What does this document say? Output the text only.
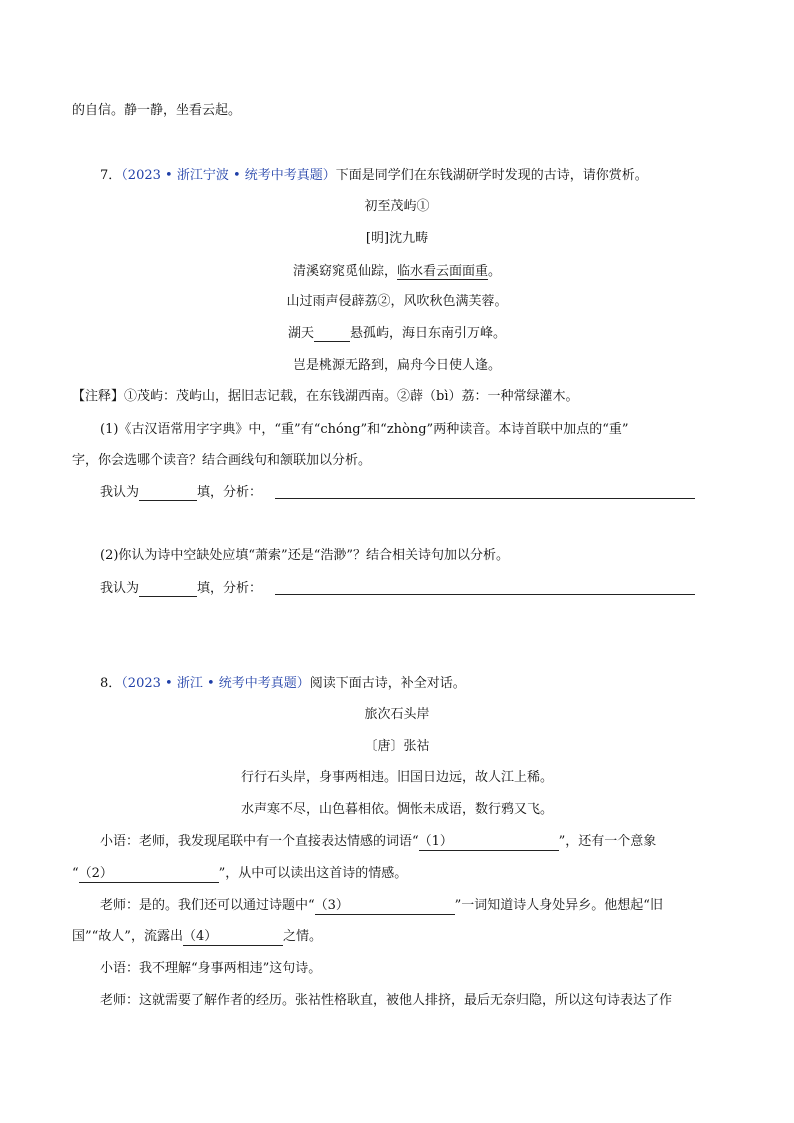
的自信。静一静，坐看云起。
7．（2023 • 浙江宁波 • 统考中考真题）下面是同学们在东钱湖研学时发现的古诗，请你赏析。
初至茂屿①
[明]沈九畴
清溪窈窕觅仙踪，临水看云面面重。
山过雨声侵薜荔②，风吹秋色满芙蓉。
湖天	悬孤屿，海日东南引万峰。
岂是桃源无路到，扁舟今日使人逢。
【注释】①茂屿：茂屿山，据旧志记载，在东钱湖西南。②薜（bì）荔：一种常绿灌木。
(1)《古汉语常用字字典》中，“重”有“chóng”和“zhòng”两种读音。本诗首联中加点的“重”
字，你会选哪个读音？结合画线句和颔联加以分析。
我认为	填，分析：
(2)你认为诗中空缺处应填“萧索”还是“浩渺”？结合相关诗句加以分析。
我认为	填，分析：
8．（2023 • 浙江 • 统考中考真题）阅读下面古诗，补全对话。
旅次石头岸
〔唐〕张祜
行行石头岸，身事两相违。旧国日边远，故人江上稀。
水声寒不尽，山色暮相依。惆怅未成语，数行鸦又飞。
小语：老师，我发现尾联中有一个直接表达情感的词语“（1）	”，还有一个意象
“（2）	”，从中可以读出这首诗的情感。
老师：是的。我们还可以通过诗题中“（3）	”一词知道诗人身处异乡。他想起“旧
国”“故人”，流露出（4）	之情。
小语：我不理解“身事两相违”这句诗。
老师：这就需要了解作者的经历。张祜性格耿直，被他人排挤，最后无奈归隐，所以这句诗表达了作
